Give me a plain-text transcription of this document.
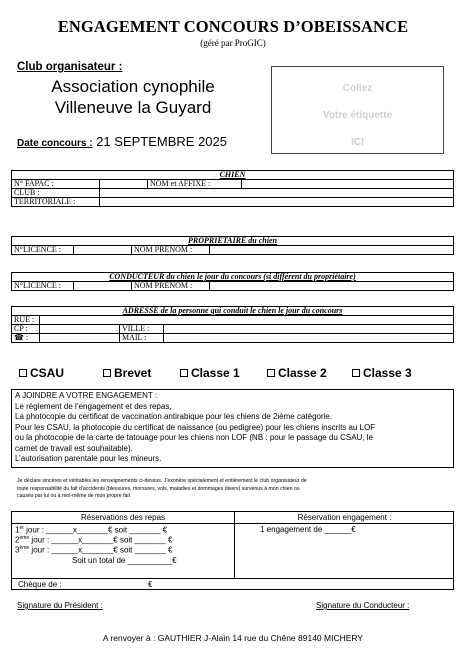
ENGAGEMENT CONCOURS D’OBEISSANCE
(géré par ProGIC)
Club organisateur :
Association cynophile
Villeneuve la Guyard
Date concours : 21 SEPTEMBRE 2025
Collez
Votre étiquette
ICI
CHIEN			
N° FAPAC :		NOM et AFFIXE :	
CLUB :			
TERRITORIALE :			
PROPRIETAIRE du chien
N°LICENCE :		NOM PRENOM :	
CONDUCTEUR du chien le jour du concours (si différent du propriétaire)
N°LICENCE :		NOM PRENOM :	
ADRESSE de la personne qui conduit le chien le jour du concours			
RUE :			
CP :		VILLE :	
☎ :		MAIL :	
CSAU	Brevet	Classe 1	Classe 2	Classe 3
A JOINDRE A VOTRE ENGAGEMENT :
Le règlement de l’engagement et des repas,
La photocopie du certificat de vaccination antirabique pour les chiens de 2ième catégorie.
Pour les CSAU, la photocopie du certificat de naissance (ou pedigree) pour les chiens inscrits au LOF
ou la photocopie de la carte de tatouage pour les chiens non LOF (NB : pour le passage du CSAU, le
carnet de travail est souhaitable).
L’autorisation parentale pour les mineurs.
Je déclare sincères et véritables les renseignements ci-dessus. J'exonère spécialement et entièrement le club organisateur de
toute responsabilité du fait d'accidents (blessures, morsures, vols, maladies et dommages divers) survenus à mon chien ou
causés par lui ou à moi-même de mon propre fait
Réservations des repas	Réservation engagement :
1er jour : ______x_______€ soit _______ €
2ème jour : ______x_______€ soit _______ €
3ème jour : ______x_______€ soit _______ €
Soit un total de __________€
1 engagement de ______€
Chèque de :	€
Signature du Président :	Signature du Conducteur :
A renvoyer à : GAUTHIER J-Alain 14 rue du Chêne 89140 MICHERY
